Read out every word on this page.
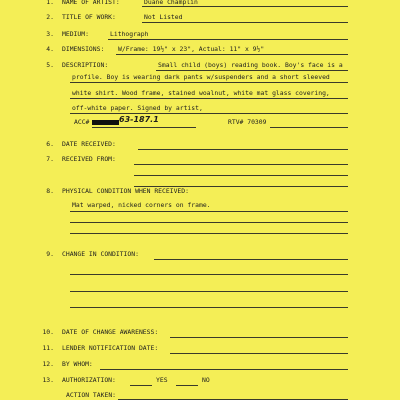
1. NAME OF ARTIST:	Duane Champlin
2. TITLE OF WORK:	Not Listed
3. MEDIUM:	Lithograph
4. DIMENSIONS: W/Frame: 19½" x 23", Actual: 11" x 9½"
5. DESCRIPTION:	Small child (boys) reading book. Boy's face is a
profile. Boy is wearing dark pants w/suspenders and a short sleeved
white shirt. Wood frame, stained woalnut, white mat glass covering,
off-white paper. Signed by artist,
ACC#	63-187.1	RTV# 70309
6. DATE RECEIVED:
7. RECEIVED FROM:
8. PHYSICAL CONDITION WHEN RECEIVED:
Mat warped, nicked corners on frame.
9. CHANGE IN CONDITION:
10. DATE OF CHANGE AWARENESS:
11. LENDER NOTIFICATION DATE:
12. BY WHOM:
13. AUTHORIZATION:	YES	NO
ACTION TAKEN:
